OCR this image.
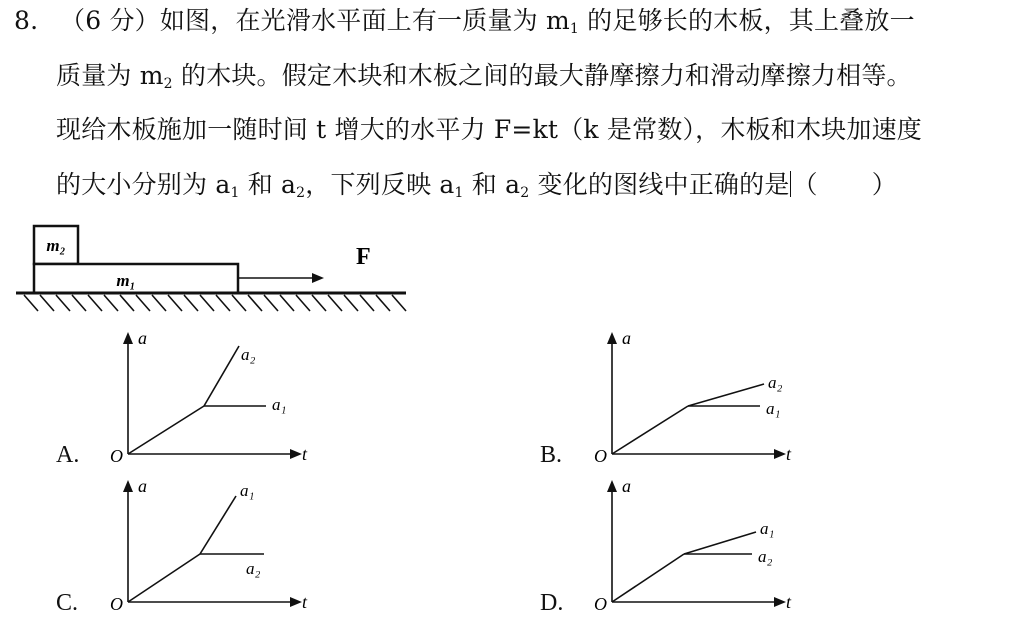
8. （6 分）如图，在光滑水平面上有一质量为 $m_1$ 的足够长的木板，其上叠放一
质量为 $m_2$ 的木块。假定木块和木板之间的最大静摩擦力和滑动摩擦力相等。
现给木板施加一随时间 t 增大的水平力 F=kt（k 是常数），木板和木块加速度
的大小分别为 $a_1$ 和 $a_2$，下列反映 $a_1$ 和 $a_2$ 变化的图线中正确的是 （ ）
m₂
m₁
F
A.
a
t
O
a₂
a₁
B.
a
t
O
a₂
a₁
C.
a
t
O
a₁
a₂
D.
a
t
O
a₁
a₂
